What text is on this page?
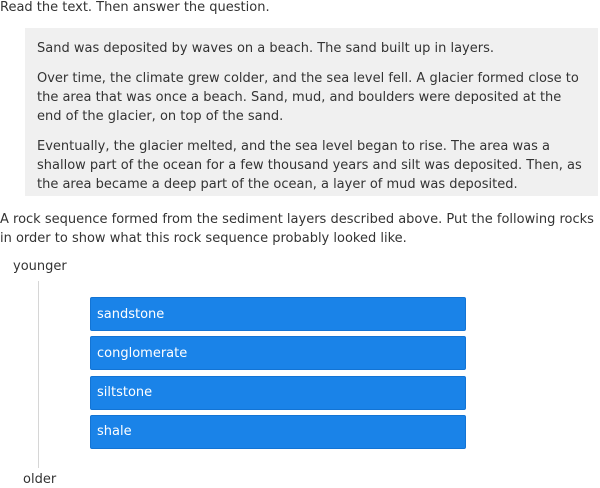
Read the text. Then answer the question.

Sand was deposited by waves on a beach. The sand built up in layers.

Over time, the climate grew colder, and the sea level fell. A glacier formed close to the area that was once a beach. Sand, mud, and boulders were deposited at the end of the glacier, on top of the sand.

Eventually, the glacier melted, and the sea level began to rise. The area was a shallow part of the ocean for a few thousand years and silt was deposited. Then, as the area became a deep part of the ocean, a layer of mud was deposited.

A rock sequence formed from the sediment layers described above. Put the following rocks in order to show what this rock sequence probably looked like.

younger
older
sandstone
conglomerate
siltstone
shale
